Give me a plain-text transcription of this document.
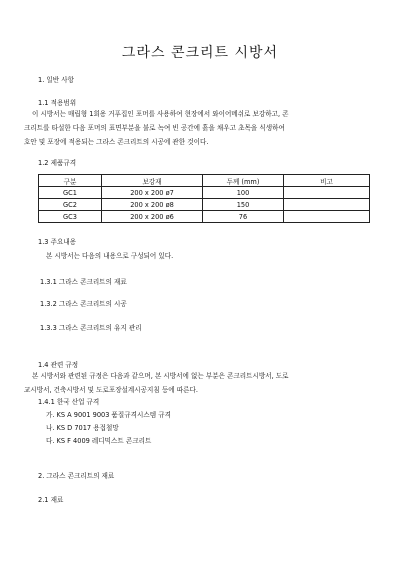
그라스 콘크리트 시방서
1. 일반 사항
1.1 적용범위
이 시방서는 매립형 1회용 거푸집인 포머를 사용하여 현장에서 와이어메쉬로 보강하고, 콘
크리트를 타설한 다음 포머의 표면부분을 불로 녹여 빈 공간에 흙을 채우고 초목을 식생하여
호안 및 포장에 적용되는 그라스 콘크리트의 시공에 관한 것이다.
1.2 제품규격
구분	보강재	두께 (mm)	비고
GC1	200 x 200 ø7	100	
GC2	200 x 200 ø8	150	
GC3	200 x 200 ø6	76	
1.3 주요내용
본 시방서는 다음의 내용으로 구성되어 있다.
1.3.1 그라스 콘크리트의 재료
1.3.2 그라스 콘크리트의 시공
1.3.3 그라스 콘크리트의 유지 관리
1.4 관련 규정
본 시방서와 관련된 규정은 다음과 같으며, 본 시방서에 없는 부분은 콘크리트시방서, 도로
교시방서, 건축시방서 및 도로포장설계시공지침 등에 따른다.
1.4.1 한국 산업 규격
가. KS A 9001 9003 품질규격시스템 규격
나. KS D 7017 용접철망
다. KS F 4009 레디믹스트 콘크리트
2. 그라스 콘크리트의 재료
2.1 재료
